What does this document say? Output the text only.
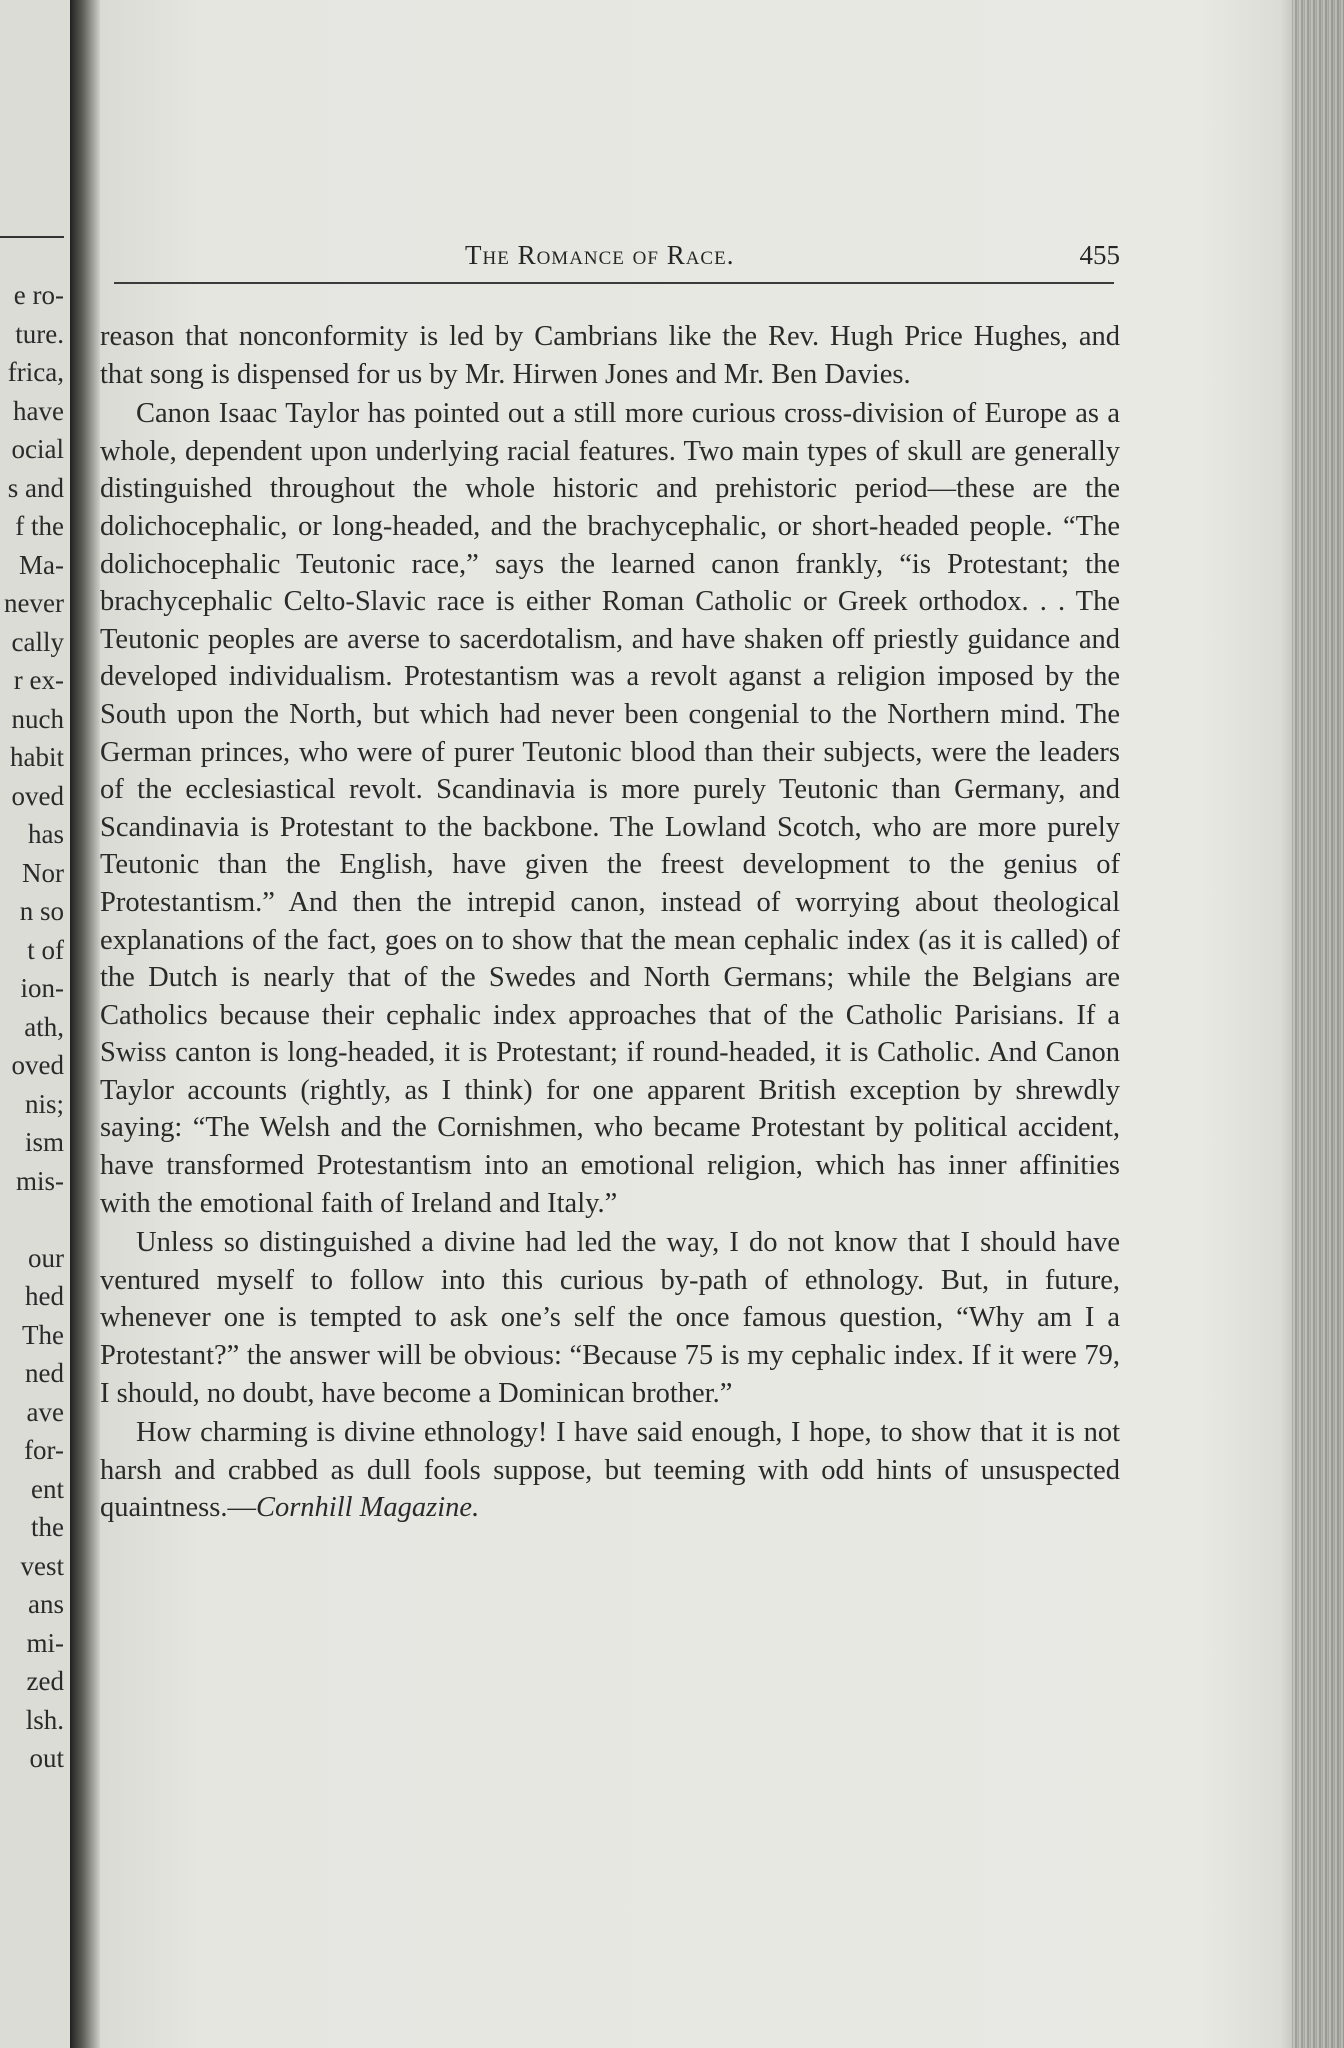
e ro-
ture.
frica,
have
ocial
s and
f the
Ma-
never
cally
r ex-
nuch
habit
oved
has
Nor
n so
t of
ion-
ath,
oved
nis;
ism
mis-
our
hed
The
ned
ave
for-
ent
the
vest
ans
mi-
zed
lsh.
out
The Romance of Race.	455

reason that nonconformity is led by Cambrians like the Rev. Hugh Price Hughes, and that song is dispensed for us by Mr. Hirwen Jones and Mr. Ben Davies.

Canon Isaac Taylor has pointed out a still more curious cross-division of Europe as a whole, dependent upon underlying racial features. Two main types of skull are generally distinguished throughout the whole historic and prehistoric period—these are the dolichocephalic, or long-headed, and the brachycephalic, or short-headed people. “The dolichocephalic Teutonic race,” says the learned canon frankly, “is Protestant; the brachycephalic Celto-Slavic race is either Roman Catholic or Greek orthodox. . . The Teutonic peoples are averse to sacerdotalism, and have shaken off priestly guidance and developed individualism. Protestantism was a revolt aganst a religion imposed by the South upon the North, but which had never been congenial to the Northern mind. The German princes, who were of purer Teutonic blood than their subjects, were the leaders of the ecclesiastical revolt. Scandinavia is more purely Teutonic than Germany, and Scandinavia is Protestant to the backbone. The Lowland Scotch, who are more purely Teutonic than the English, have given the freest development to the genius of Protestantism.” And then the intrepid canon, instead of worrying about theological explanations of the fact, goes on to show that the mean cephalic index (as it is called) of the Dutch is nearly that of the Swedes and North Germans; while the Belgians are Catholics because their cephalic index approaches that of the Catholic Parisians. If a Swiss canton is long-headed, it is Protestant; if round-headed, it is Catholic. And Canon Taylor accounts (rightly, as I think) for one apparent British exception by shrewdly saying: “The Welsh and the Cornishmen, who became Protestant by political accident, have transformed Protestantism into an emotional religion, which has inner affinities with the emotional faith of Ireland and Italy.”

Unless so distinguished a divine had led the way, I do not know that I should have ventured myself to follow into this curious by-path of ethnology. But, in future, whenever one is tempted to ask one’s self the once famous question, “Why am I a Protestant?” the answer will be obvious: “Because 75 is my cephalic index. If it were 79, I should, no doubt, have become a Dominican brother.”

How charming is divine ethnology! I have said enough, I hope, to show that it is not harsh and crabbed as dull fools suppose, but teeming with odd hints of unsuspected quaintness.—Cornhill Magazine.
